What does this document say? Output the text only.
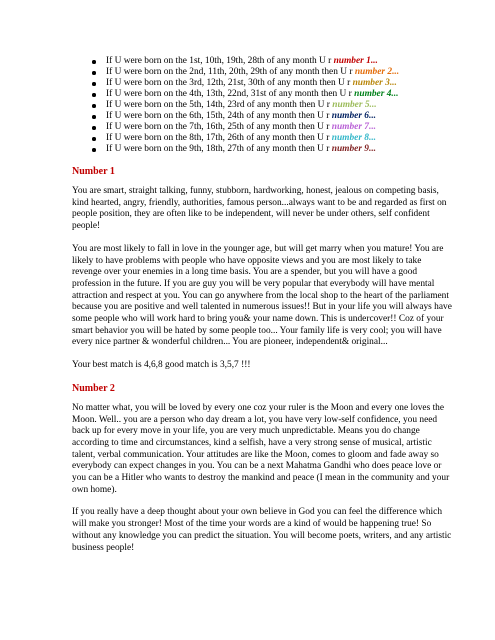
If U were born on the 1st, 10th, 19th, 28th of any month U r number 1...
If U were born on the 2nd, 11th, 20th, 29th of any month then U r number 2...
If U were born on the 3rd, 12th, 21st, 30th of any month then U r number 3...
If U were born on the 4th, 13th, 22nd, 31st of any month then U r number 4...
If U were born on the 5th, 14th, 23rd of any month then U r number 5...
If U were born on the 6th, 15th, 24th of any month then U r number 6...
If U were born on the 7th, 16th, 25th of any month then U r number 7...
If U were born on the 8th, 17th, 26th of any month then U r number 8...
If U were born on the 9th, 18th, 27th of any month then U r number 9...
Number 1

You are smart, straight talking, funny, stubborn, hardworking, honest, jealous on competing basis, kind hearted, angry, friendly, authorities, famous person...always want to be and regarded as first on people position, they are often like to be independent, will never be under others, self confident people!

You are most likely to fall in love in the younger age, but will get marry when you mature! You are likely to have problems with people who have opposite views and you are most likely to take revenge over your enemies in a long time basis. You are a spender, but you will have a good profession in the future. If you are guy you will be very popular that everybody will have mental attraction and respect at you. You can go anywhere from the local shop to the heart of the parliament because you are positive and well talented in numerous issues!! But in your life you will always have some people who will work hard to bring you& your name down. This is undercover!! Coz of your smart behavior you will be hated by some people too... Your family life is very cool; you will have every nice partner & wonderful children... You are pioneer, independent& original...

Your best match is 4,6,8 good match is 3,5,7 !!!

Number 2

No matter what, you will be loved by every one coz your ruler is the Moon and every one loves the Moon. Well.. you are a person who day dream a lot, you have very low-self confidence, you need back up for every move in your life, you are very much unpredictable. Means you do change according to time and circumstances, kind a selfish, have a very strong sense of musical, artistic talent, verbal communication. Your attitudes are like the Moon, comes to gloom and fade away so everybody can expect changes in you. You can be a next Mahatma Gandhi who does peace love or you can be a Hitler who wants to destroy the mankind and peace (I mean in the community and your own home).

If you really have a deep thought about your own believe in God you can feel the difference which will make you stronger! Most of the time your words are a kind of would be happening true! So without any knowledge you can predict the situation. You will become poets, writers, and any artistic business people!
